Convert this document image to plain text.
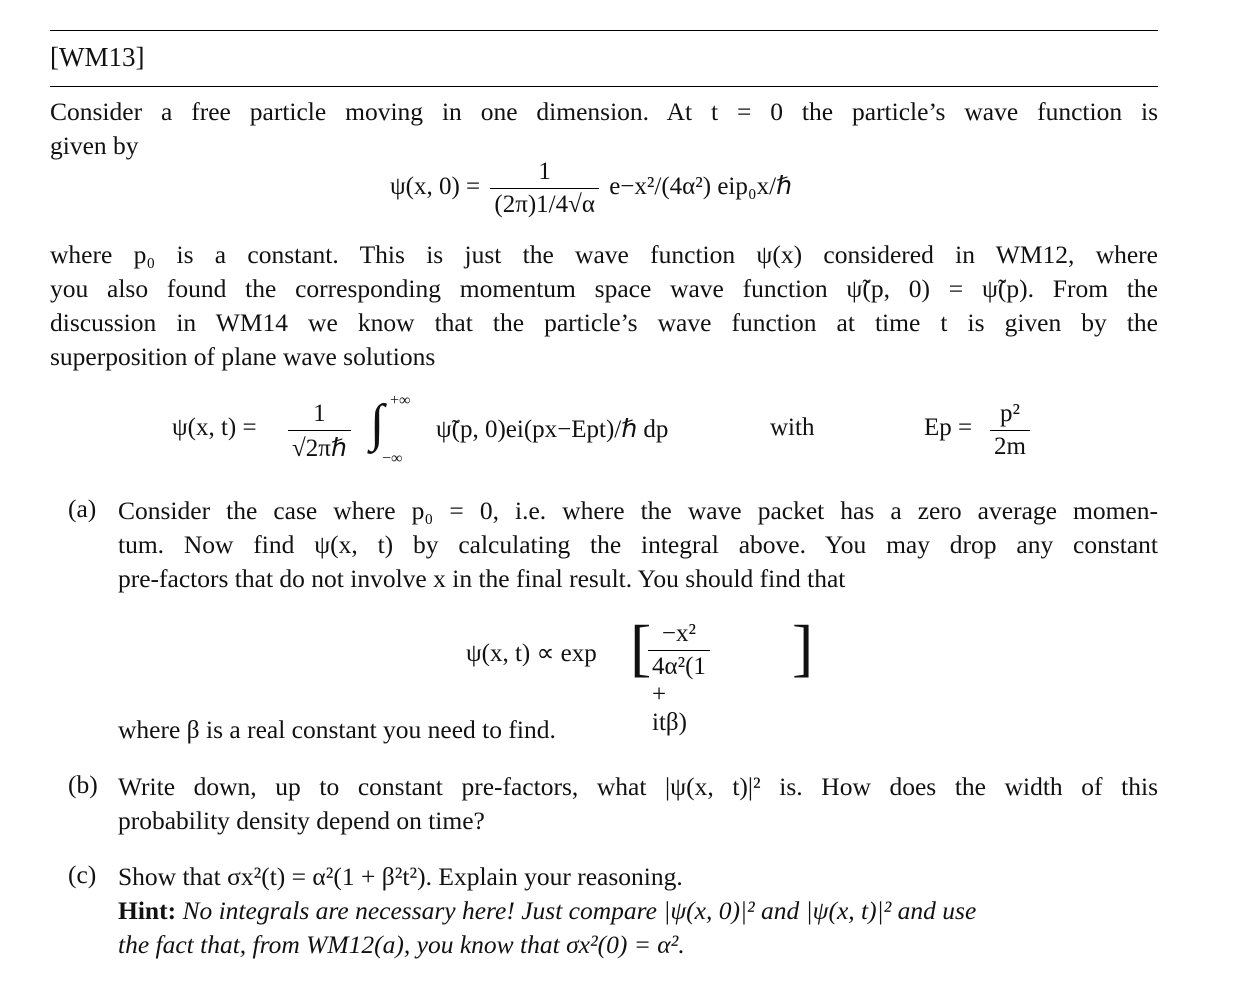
[WM13]
Consider a free particle moving in one dimension. At t = 0 the particle’s wave function is
given by
ψ(x, $0) = \frac{1}{(2\pi)1/4√\alpha} e-x^2/(4\alpha^2)$ eip₀x/ℏ
where p₀ is a constant. This is just the wave function ψ(x) considered in WM12, where
you also found the corresponding momentum space wave function ψ̃(p, 0) = ψ̃(p). From the
discussion in WM14 we know that the particle’s wave function at time t is given by the
superposition of plane wave solutions
ψ(x, t) =
1
√2πℏ ∫ +∞
−∞
ψ̃(p, 0)ei(px−Ept)/ℏ dp	with	$Ep = \frac{\text{p²}}{2m}$
(a) Consider the case where p₀ = 0, i.e. where the wave packet has a zero average momen-
tum. Now find ψ(x, t) by calculating the integral above. You may drop any constant
pre-factors that do not involve x in the final result. You should find that
ψ(x, t) ∝ exp [ −x²
4α²(1 + itβ)
]
where β is a real constant you need to find.
(b) Write down, up to constant pre-factors, what |ψ(x, t)|² is. How does the width of this
probability density depend on time?
(c) Show that σx²(t) = α²(1 + β²t²). Explain your reasoning.
Hint: No integrals are necessary here! Just compare |ψ(x, 0)|² and |ψ(x, t)|² and use
the fact that, from WM12(a), you know that σx²(0) = α².
